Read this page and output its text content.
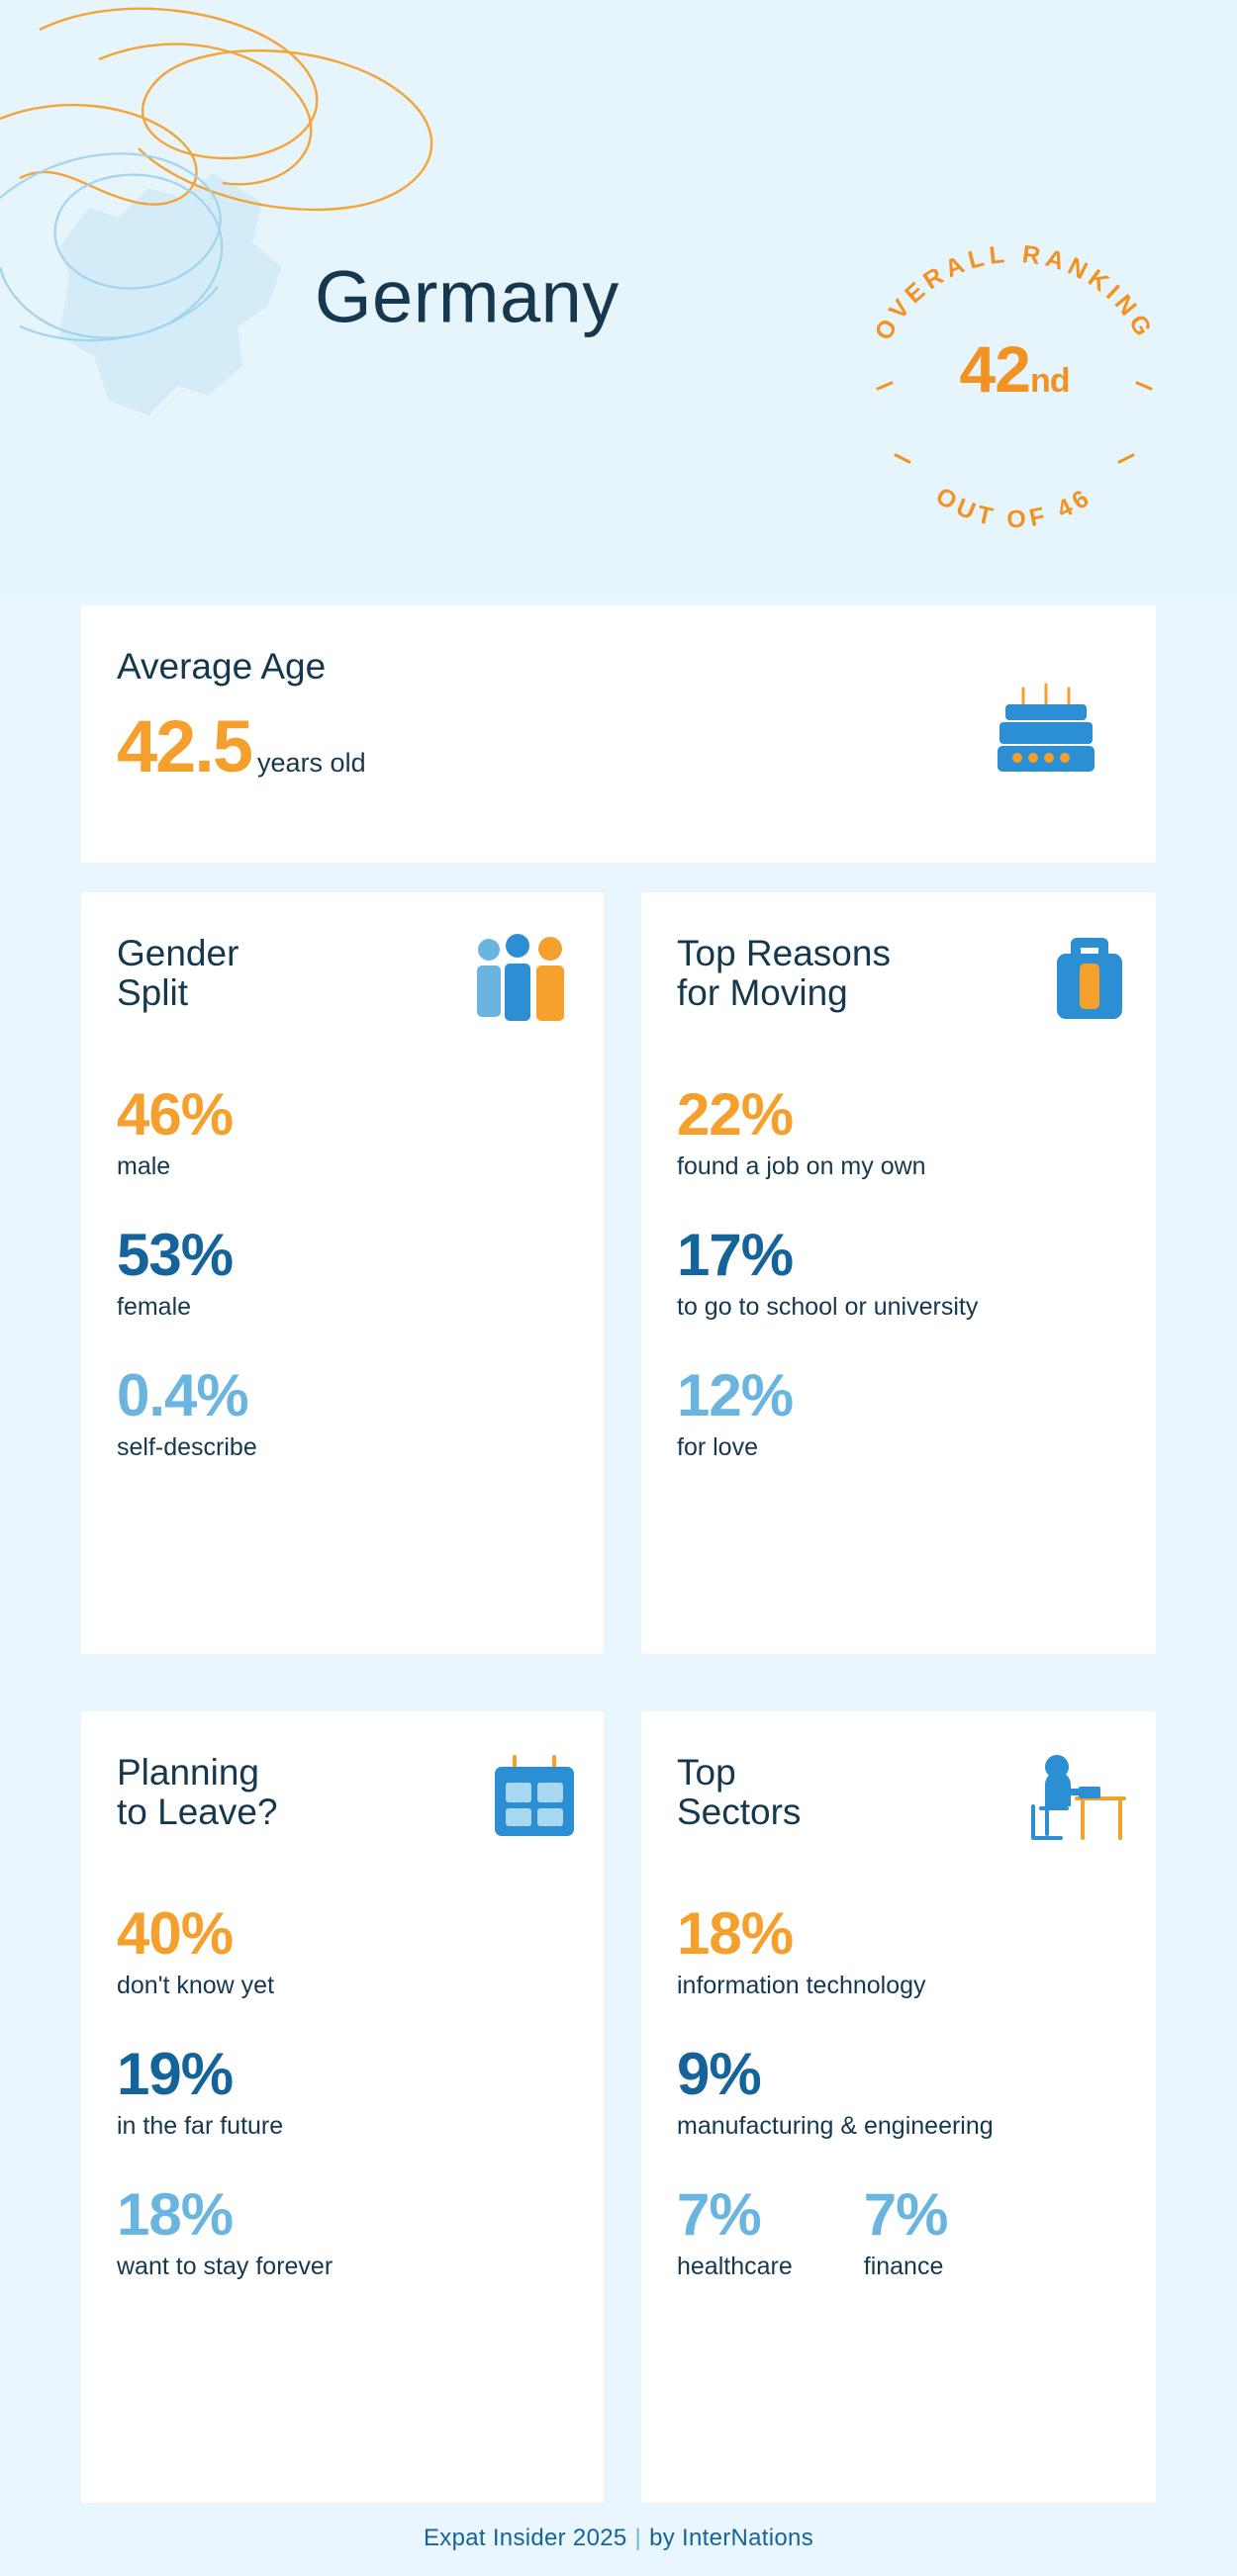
Germany	OVERALL RANKING
OUT OF 46
42nd
Average Age
42.5 years old
Gender
Split
46%
male
53%
female
0.4%
self-describe
Top Reasons
for Moving
22%
found a job on my own
17%
to go to school or university
12%
for love
Planning
to Leave?
40%
don't know yet
19%
in the far future
18%
want to stay forever
Top
Sectors
18%
information technology
9%
manufacturing & engineering
7%
healthcare
7%
finance
Expat Insider 2025 | by InterNations
